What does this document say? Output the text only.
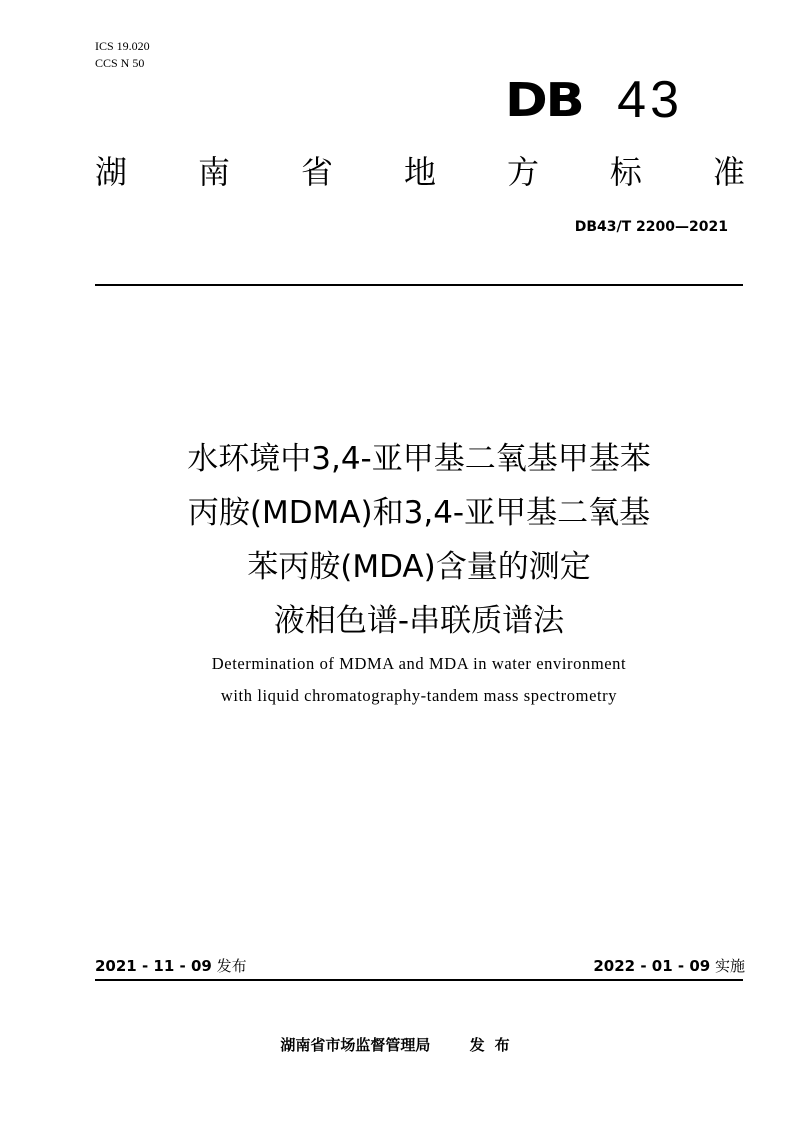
ICS 19.020
CCS N 50
DB 43
湖 南 省 地 方 标 准
DB43/T 2200—2021
水环境中3,4-亚甲基二氧基甲基苯
丙胺(MDMA)和3,4-亚甲基二氧基
苯丙胺(MDA)含量的测定
液相色谱-串联质谱法
Determination of MDMA and MDA in water environment
with liquid chromatography-tandem mass spectrometry
2021 - 11 - 09 发布	2022 - 01 - 09 实施
湖南省市场监督管理局	发布
